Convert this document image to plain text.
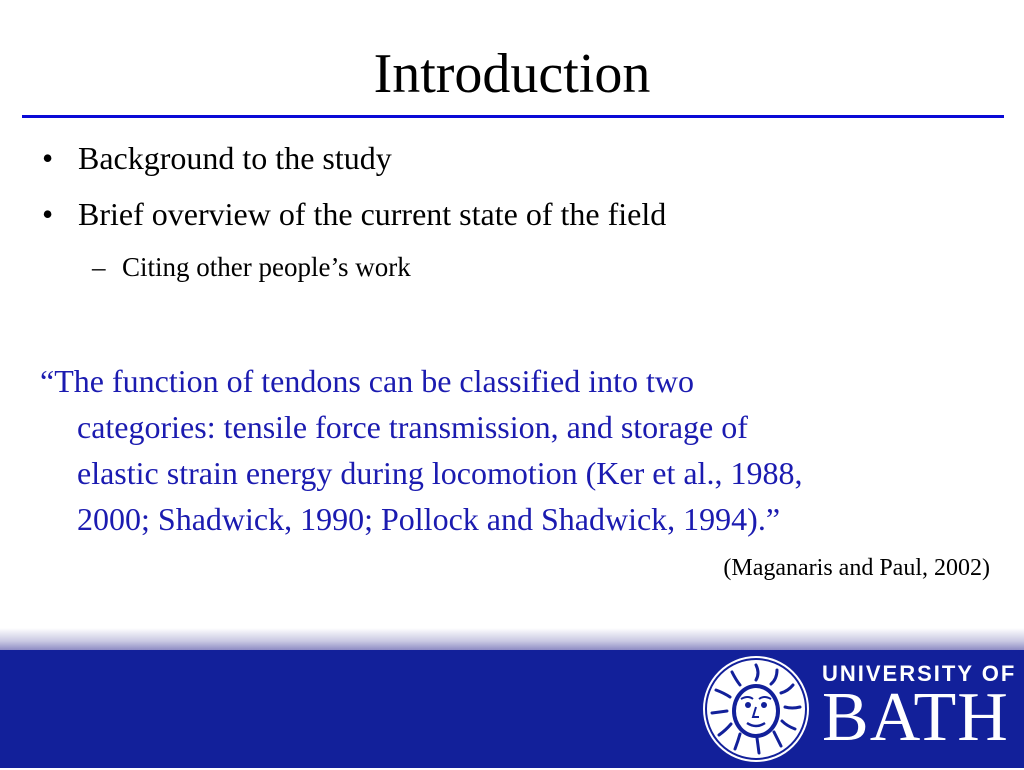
Introduction
• Background to the study
• Brief overview of the current state of the field
– Citing other people’s work
“The function of tendons can be classified into two
categories: tensile force transmission, and storage of
elastic strain energy during locomotion (Ker et al., 1988,
2000; Shadwick, 1990; Pollock and Shadwick, 1994).”
(Maganaris and Paul, 2002)
UNIVERSITY OF
BATH
